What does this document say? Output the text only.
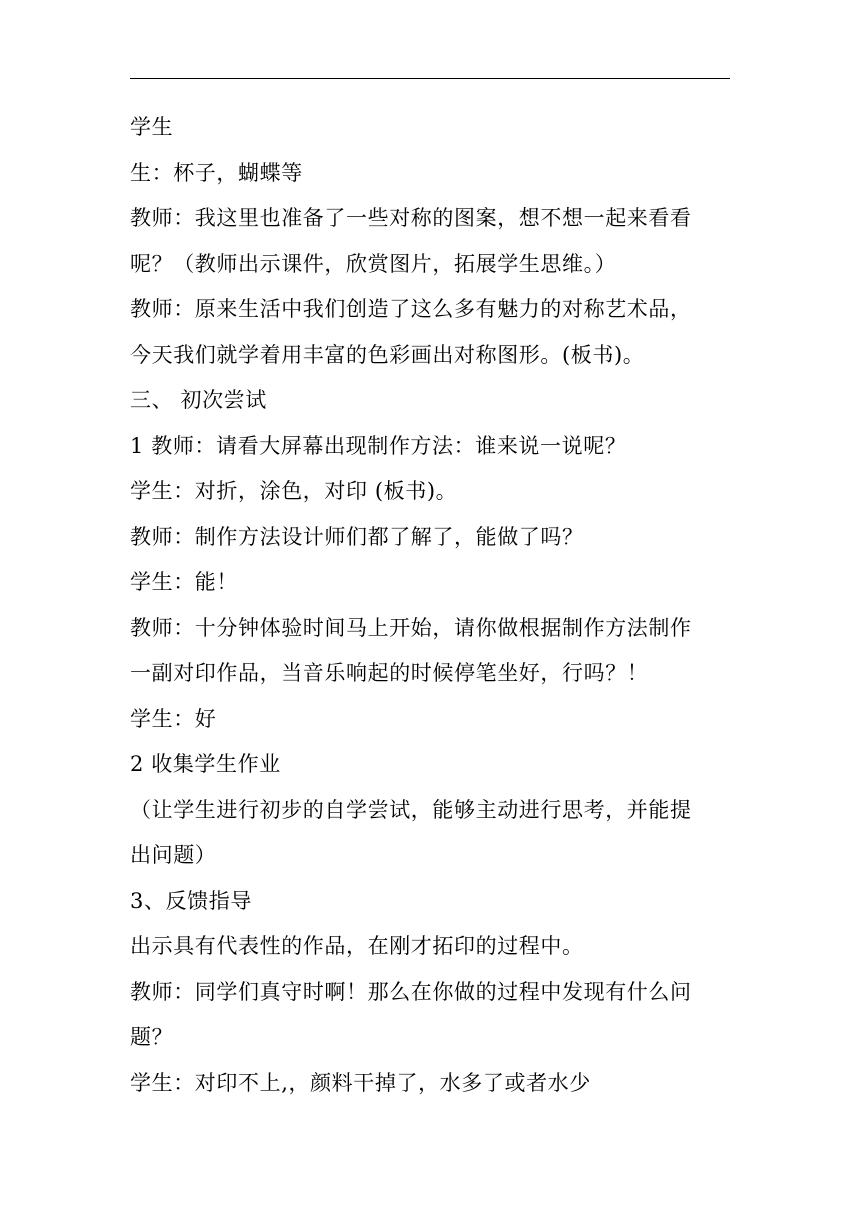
学生
生：杯子，蝴蝶等
教师：我这里也准备了一些对称的图案，想不想一起来看看
呢？（教师出示课件，欣赏图片，拓展学生思维。）
教师：原来生活中我们创造了这么多有魅力的对称艺术品，
今天我们就学着用丰富的色彩画出对称图形。(板书)。
三、 初次尝试
1 教师：请看大屏幕出现制作方法：谁来说一说呢？
学生：对折，涂色，对印 (板书)。
教师：制作方法设计师们都了解了，能做了吗？
学生：能！
教师：十分钟体验时间马上开始，请你做根据制作方法制作
一副对印作品，当音乐响起的时候停笔坐好，行吗？！
学生：好
2 收集学生作业
（让学生进行初步的自学尝试，能够主动进行思考，并能提
出问题）
3、反馈指导
出示具有代表性的作品，在刚才拓印的过程中。
教师：同学们真守时啊！那么在你做的过程中发现有什么问
题？
学生：对印不上,，颜料干掉了，水多了或者水少
